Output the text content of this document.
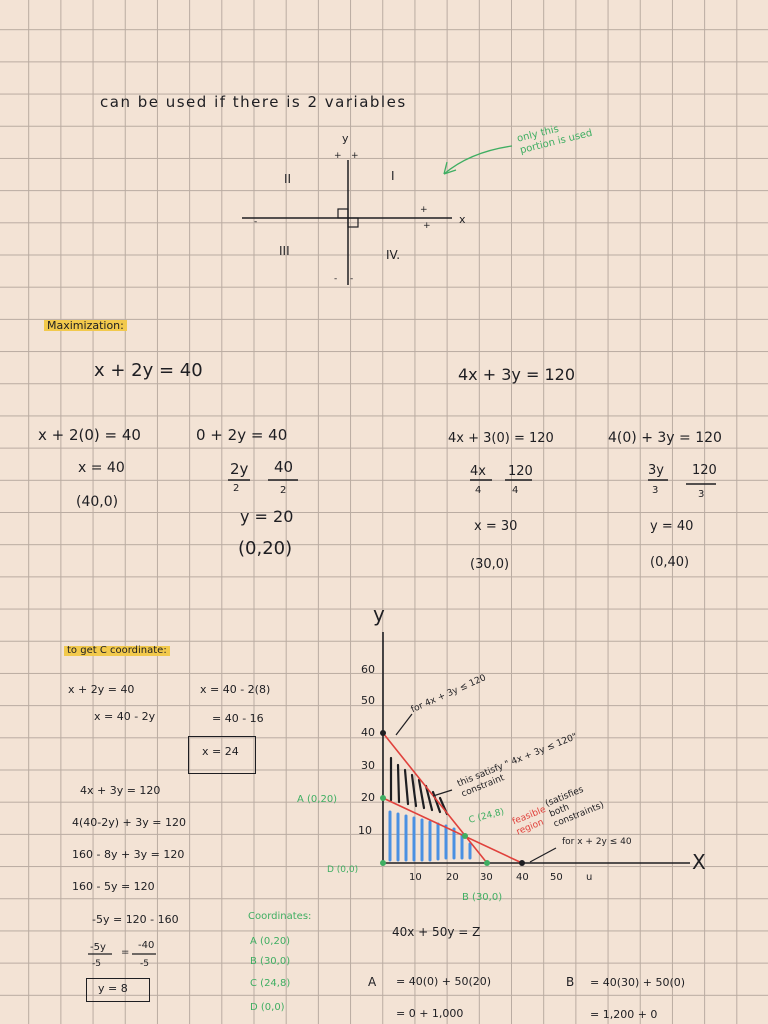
can be used if there is 2 variables
only this portion is used
y
x
I
II
III	IV.
+ +
+
+
-
- -
Maximization:
x + 2y = 40	4x + 3y = 120
x + 2(0) = 40
x = 40
(40,0)
0 + 2y = 40
2y 40
2	2
y = 20
(0,20)
4x + 3(0) = 120
4x 120
4	4
x = 30
(30,0)
4(0) + 3y = 120
3y 120
3	3
y = 40
(0,40)
to get C coordinate:
x + 2y = 40
x = 40 - 2y
x = 40 - 2(8)
= 40 - 16
x = 24
4x + 3y = 120
4(40-2y) + 3y = 120
160 - 8y + 3y = 120
160 - 5y = 120
-5y = 120 - 160
-5y
-5
=
-40
-5
y = 8
Coordinates:
A (0,20)
B (30,0)
C (24,8)
D (0,0)
40x + 50y = Z
A = 40(0) + 50(20)
= 0 + 1,000
B = 40(30) + 50(0)
= 1,200 + 0
y
X
60
50
40
30
20
10
10 20 30 40 50 u
for 4x + 3y ≤ 120
this satisfy " 4x + 3y ≤ 120" constraint
feasible region
(satisfies both constraints)
for x + 2y ≤ 40
A (0,20)
B (30,0)
C (24,8)
D (0,0)
